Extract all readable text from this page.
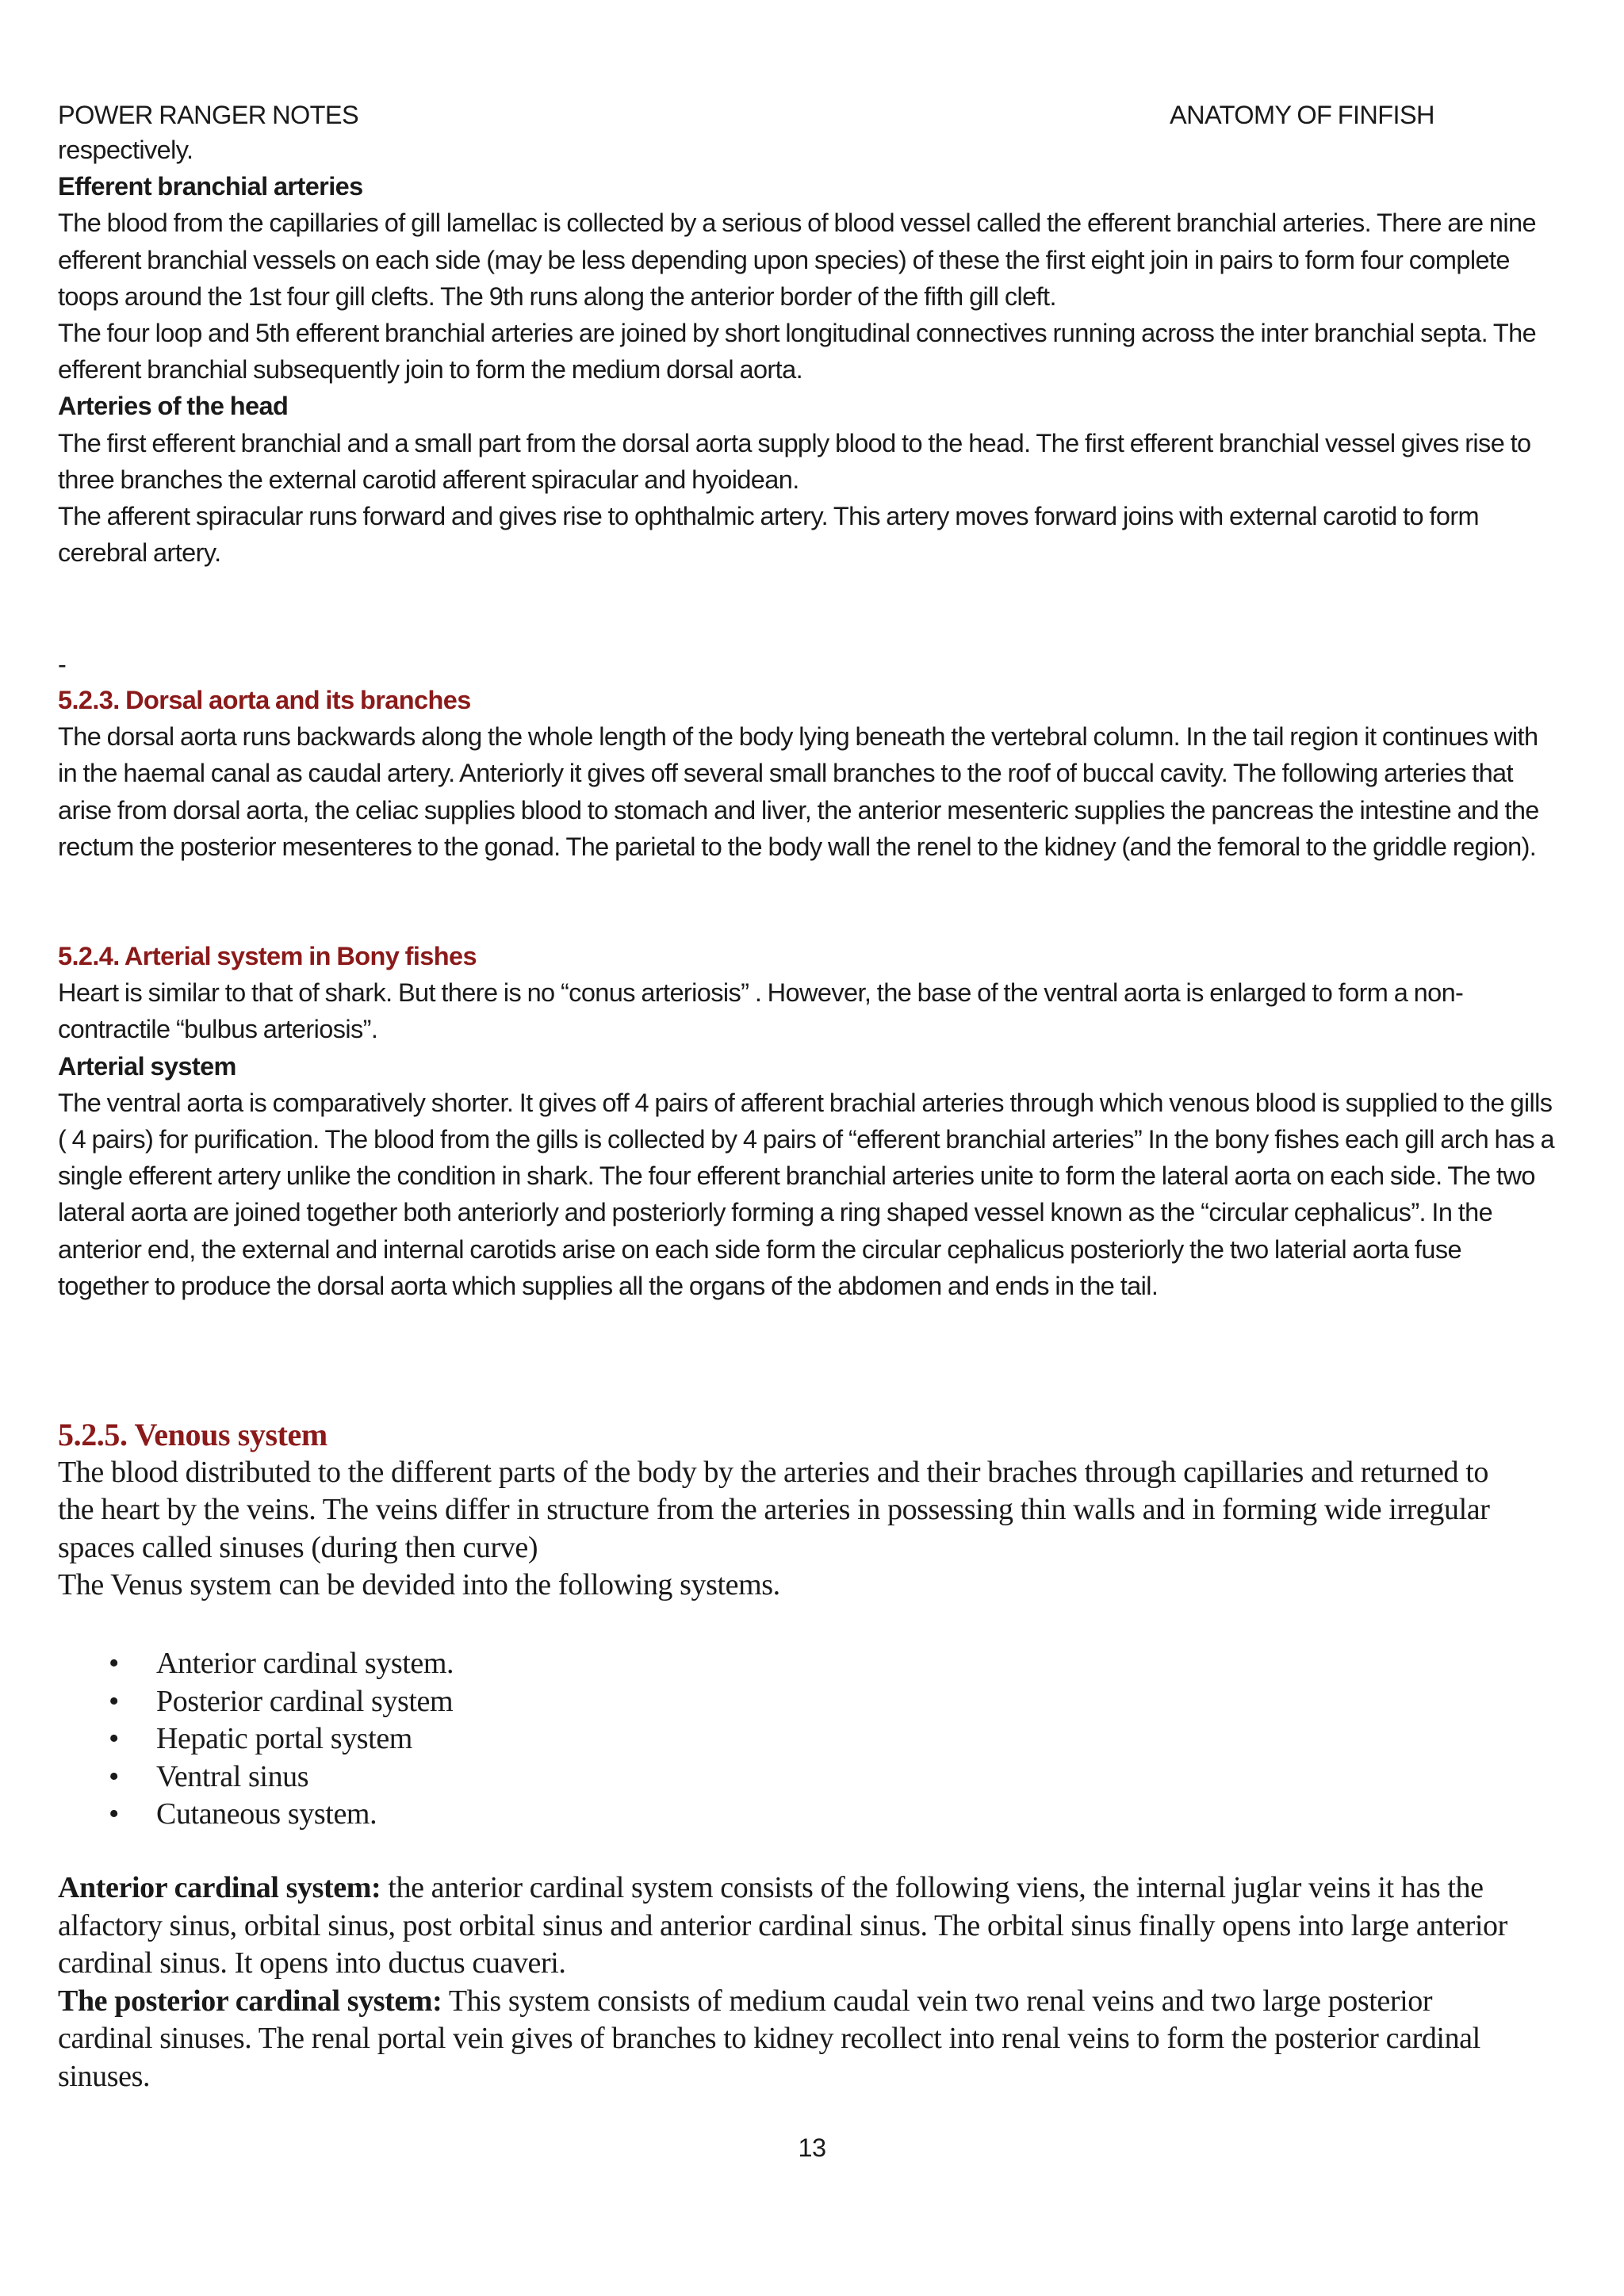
POWER RANGER NOTES	ANATOMY OF FINFISH

respectively.

Efferent branchial arteries

The blood from the capillaries of gill lamellac is collected by a serious of blood vessel called the efferent branchial arteries. There are nine efferent branchial vessels on each side (may be less depending upon species) of these the first eight join in pairs to form four complete toops around the 1st four gill clefts. The 9th runs along the anterior border of the fifth gill cleft.

The four loop and 5th efferent branchial arteries are joined by short longitudinal connectives running across the inter branchial septa. The efferent branchial subsequently join to form the medium dorsal aorta.

Arteries of the head

The first efferent branchial and a small part from the dorsal aorta supply blood to the head. The first efferent branchial vessel gives rise to three branches the external carotid afferent spiracular and hyoidean.

The afferent spiracular runs forward and gives rise to ophthalmic artery. This artery moves forward joins with external carotid to form cerebral artery.

-

5.2.3. Dorsal aorta and its branches

The dorsal aorta runs backwards along the whole length of the body lying beneath the vertebral column. In the tail region it continues with in the haemal canal as caudal artery. Anteriorly it gives off several small branches to the roof of buccal cavity. The following arteries that arise from dorsal aorta, the celiac supplies blood to stomach and liver, the anterior mesenteric supplies the pancreas the intestine and the rectum the posterior mesenteres to the gonad. The parietal to the body wall the renel to the kidney (and the femoral to the griddle region).

5.2.4. Arterial system in Bony fishes

Heart is similar to that of shark. But there is no “conus arteriosis” . However, the base of the ventral aorta is enlarged to form a non-contractile “bulbus arteriosis”.

Arterial system

The ventral aorta is comparatively shorter. It gives off 4 pairs of afferent brachial arteries through which venous blood is supplied to the gills ( 4 pairs) for purification. The blood from the gills is collected by 4 pairs of “efferent branchial arteries” In the bony fishes each gill arch has a single efferent artery unlike the condition in shark. The four efferent branchial arteries unite to form the lateral aorta on each side. The two lateral aorta are joined together both anteriorly and posteriorly forming a ring shaped vessel known as the “circular cephalicus”. In the anterior end, the external and internal carotids arise on each side form the circular cephalicus posteriorly the two laterial aorta fuse together to produce the dorsal aorta which supplies all the organs of the abdomen and ends in the tail.

5.2.5. Venous system

The blood distributed to the different parts of the body by the arteries and their braches through capillaries and returned to the heart by the veins. The veins differ in structure from the arteries in possessing thin walls and in forming wide irregular spaces called sinuses (during then curve)

The Venus system can be devided into the following systems.

• Anterior cardinal system.
• Posterior cardinal system
• Hepatic portal system
• Ventral sinus
• Cutaneous system.

Anterior cardinal system: the anterior cardinal system consists of the following viens, the internal juglar veins it has the alfactory sinus, orbital sinus, post orbital sinus and anterior cardinal sinus. The orbital sinus finally opens into large anterior cardinal sinus. It opens into ductus cuaveri.

The posterior cardinal system: This system consists of medium caudal vein two renal veins and two large posterior cardinal sinuses. The renal portal vein gives of branches to kidney recollect into renal veins to form the posterior cardinal sinuses.

13
